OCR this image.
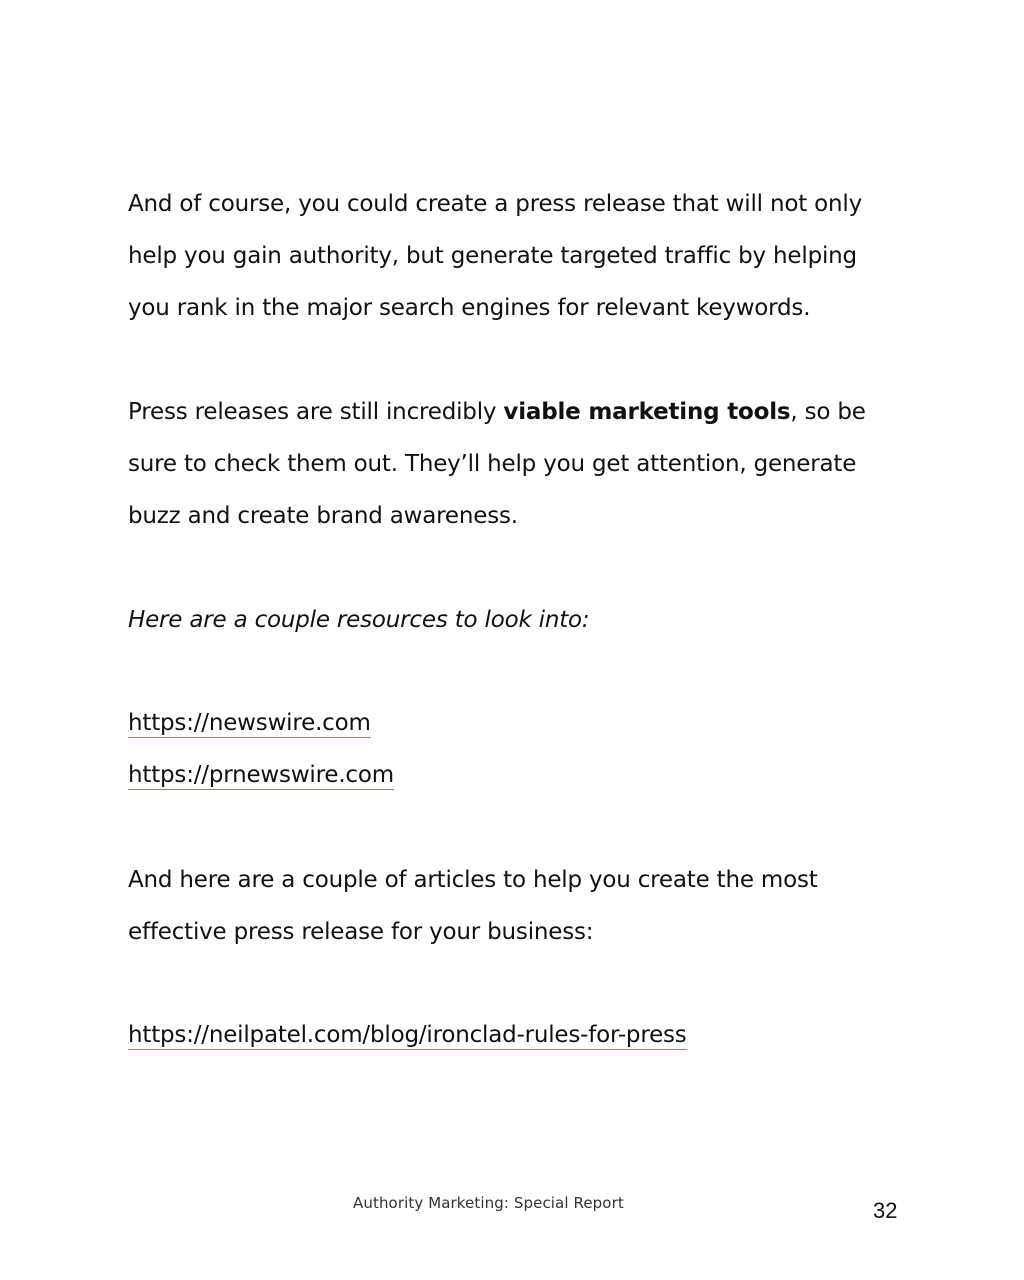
And of course, you could create a press release that will not only help you gain authority, but generate targeted traffic by helping you rank in the major search engines for relevant keywords.

Press releases are still incredibly viable marketing tools, so be sure to check them out. They’ll help you get attention, generate buzz and create brand awareness.

Here are a couple resources to look into:

https://newswire.com
https://prnewswire.com

And here are a couple of articles to help you create the most effective press release for your business:

https://neilpatel.com/blog/ironclad-rules-for-press
Authority Marketing: Special Report	32
